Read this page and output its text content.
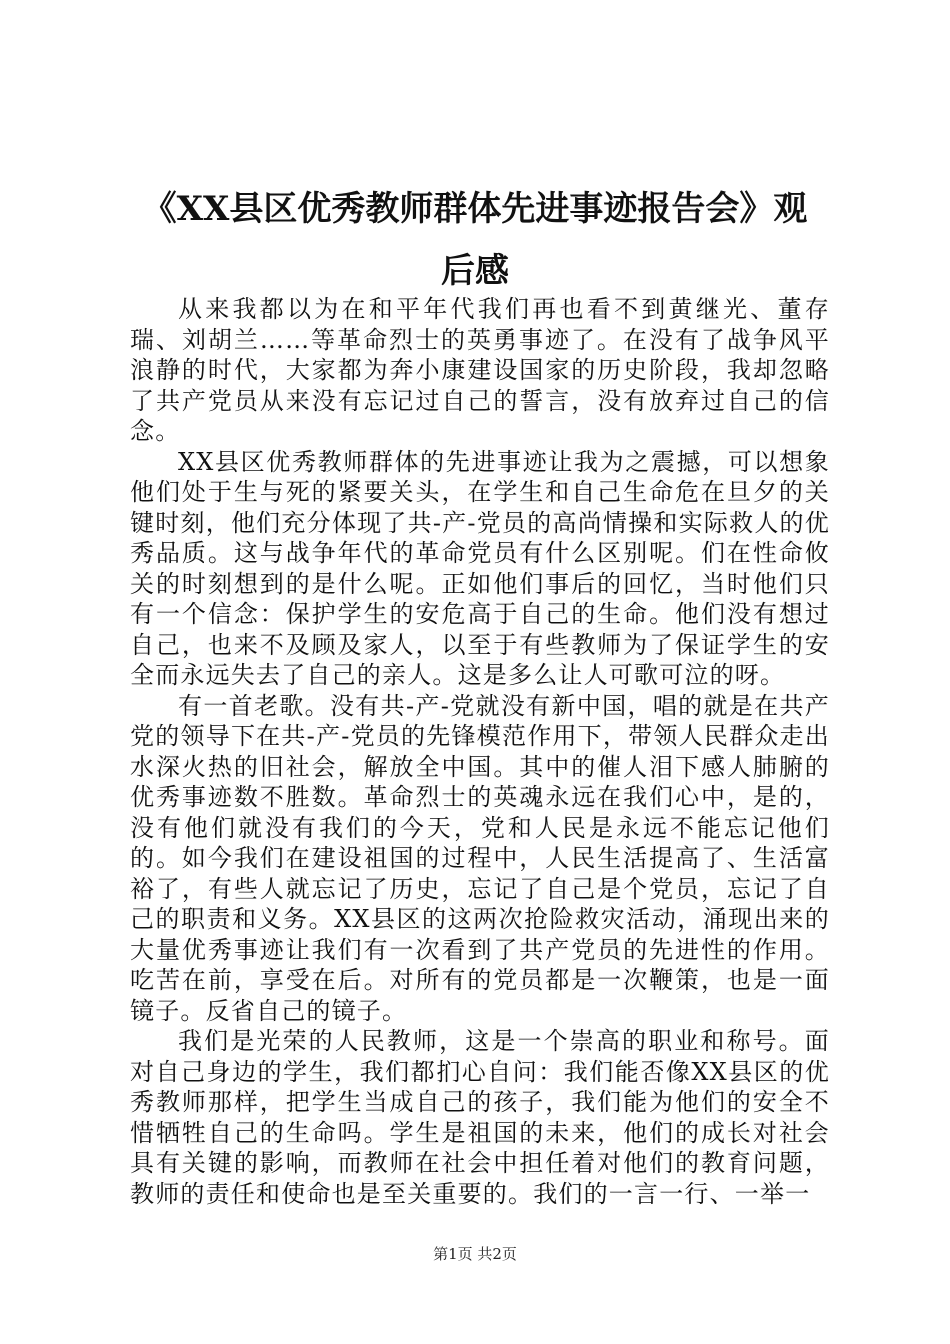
《XX县区优秀教师群体先进事迹报告会》观
后感

从来我都以为在和平年代我们再也看不到黄继光、董存瑞、刘胡兰……等革命烈士的英勇事迹了。在没有了战争风平浪静的时代，大家都为奔小康建设国家的历史阶段，我却忽略了共产党员从来没有忘记过自己的誓言，没有放弃过自己的信念。

XX县区优秀教师群体的先进事迹让我为之震撼，可以想象他们处于生与死的紧要关头，在学生和自己生命危在旦夕的关键时刻，他们充分体现了共-产-党员的高尚情操和实际救人的优秀品质。这与战争年代的革命党员有什么区别呢。们在性命攸关的时刻想到的是什么呢。正如他们事后的回忆，当时他们只有一个信念：保护学生的安危高于自己的生命。他们没有想过自己，也来不及顾及家人，以至于有些教师为了保证学生的安全而永远失去了自己的亲人。这是多么让人可歌可泣的呀。

有一首老歌。没有共-产-党就没有新中国，唱的就是在共产党的领导下在共-产-党员的先锋模范作用下，带领人民群众走出水深火热的旧社会，解放全中国。其中的催人泪下感人肺腑的优秀事迹数不胜数。革命烈士的英魂永远在我们心中，是的，没有他们就没有我们的今天，党和人民是永远不能忘记他们的。如今我们在建设祖国的过程中，人民生活提高了、生活富裕了，有些人就忘记了历史，忘记了自己是个党员，忘记了自己的职责和义务。XX县区的这两次抢险救灾活动，涌现出来的大量优秀事迹让我们有一次看到了共产党员的先进性的作用。吃苦在前，享受在后。对所有的党员都是一次鞭策，也是一面镜子。反省自己的镜子。

我们是光荣的人民教师，这是一个崇高的职业和称号。面对自己身边的学生，我们都扪心自问：我们能否像XX县区的优秀教师那样，把学生当成自己的孩子，我们能为他们的安全不惜牺牲自己的生命吗。学生是祖国的未来，他们的成长对社会具有关键的影响，而教师在社会中担任着对他们的教育问题，教师的责任和使命也是至关重要的。我们的一言一行、一举一

第1页 共2页
